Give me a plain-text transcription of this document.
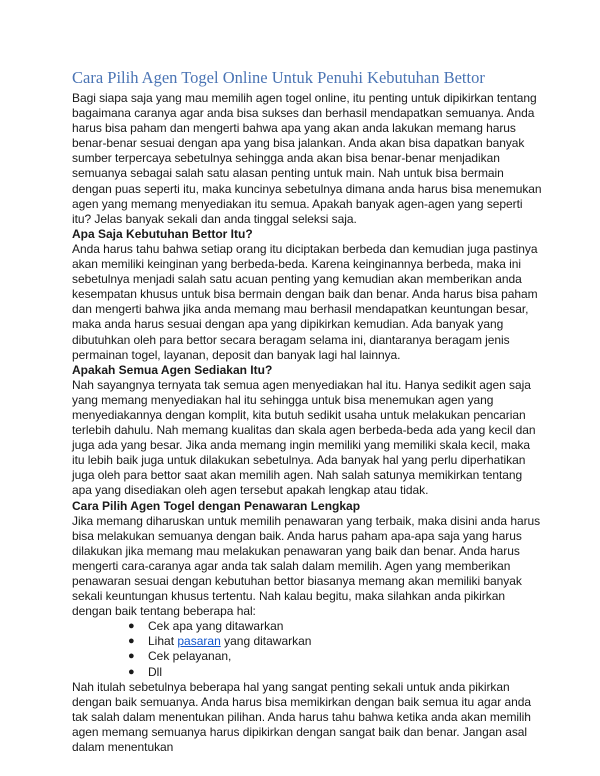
Cara Pilih Agen Togel Online Untuk Penuhi Kebutuhan Bettor

Bagi siapa saja yang mau memilih agen togel online, itu penting untuk dipikirkan tentang bagaimana caranya agar anda bisa sukses dan berhasil mendapatkan semuanya. Anda harus bisa paham dan mengerti bahwa apa yang akan anda lakukan memang harus benar-benar sesuai dengan apa yang bisa jalankan. Anda akan bisa dapatkan banyak sumber terpercaya sebetulnya sehingga anda akan bisa benar-benar menjadikan semuanya sebagai salah satu alasan penting untuk main. Nah untuk bisa bermain dengan puas seperti itu, maka kuncinya sebetulnya dimana anda harus bisa menemukan agen yang memang menyediakan itu semua. Apakah banyak agen-agen yang seperti itu? Jelas banyak sekali dan anda tinggal seleksi saja.

Apa Saja Kebutuhan Bettor Itu?

Anda harus tahu bahwa setiap orang itu diciptakan berbeda dan kemudian juga pastinya akan memiliki keinginan yang berbeda-beda. Karena keinginannya berbeda, maka ini sebetulnya menjadi salah satu acuan penting yang kemudian akan memberikan anda kesempatan khusus untuk bisa bermain dengan baik dan benar. Anda harus bisa paham dan mengerti bahwa jika anda memang mau berhasil mendapatkan keuntungan besar, maka anda harus sesuai dengan apa yang dipikirkan kemudian. Ada banyak yang dibutuhkan oleh para bettor secara beragam selama ini, diantaranya beragam jenis permainan togel, layanan, deposit dan banyak lagi hal lainnya.

Apakah Semua Agen Sediakan Itu?

Nah sayangnya ternyata tak semua agen menyediakan hal itu. Hanya sedikit agen saja yang memang menyediakan hal itu sehingga untuk bisa menemukan agen yang menyediakannya dengan komplit, kita butuh sedikit usaha untuk melakukan pencarian terlebih dahulu. Nah memang kualitas dan skala agen berbeda-beda ada yang kecil dan juga ada yang besar. Jika anda memang ingin memiliki yang memiliki skala kecil, maka itu lebih baik juga untuk dilakukan sebetulnya. Ada banyak hal yang perlu diperhatikan juga oleh para bettor saat akan memilih agen. Nah salah satunya memikirkan tentang apa yang disediakan oleh agen tersebut apakah lengkap atau tidak.

Cara Pilih Agen Togel dengan Penawaran Lengkap

Jika memang diharuskan untuk memilih penawaran yang terbaik, maka disini anda harus bisa melakukan semuanya dengan baik. Anda harus paham apa-apa saja yang harus dilakukan jika memang mau melakukan penawaran yang baik dan benar. Anda harus mengerti cara-caranya agar anda tak salah dalam memilih. Agen yang memberikan penawaran sesuai dengan kebutuhan bettor biasanya memang akan memiliki banyak sekali keuntungan khusus tertentu. Nah kalau begitu, maka silahkan anda pikirkan dengan baik tentang beberapa hal:

● Cek apa yang ditawarkan
● Lihat pasaran yang ditawarkan
● Cek pelayanan,
● Dll

Nah itulah sebetulnya beberapa hal yang sangat penting sekali untuk anda pikirkan dengan baik semuanya. Anda harus bisa memikirkan dengan baik semua itu agar anda tak salah dalam menentukan pilihan. Anda harus tahu bahwa ketika anda akan memilih agen memang semuanya harus dipikirkan dengan sangat baik dan benar. Jangan asal dalam menentukan
